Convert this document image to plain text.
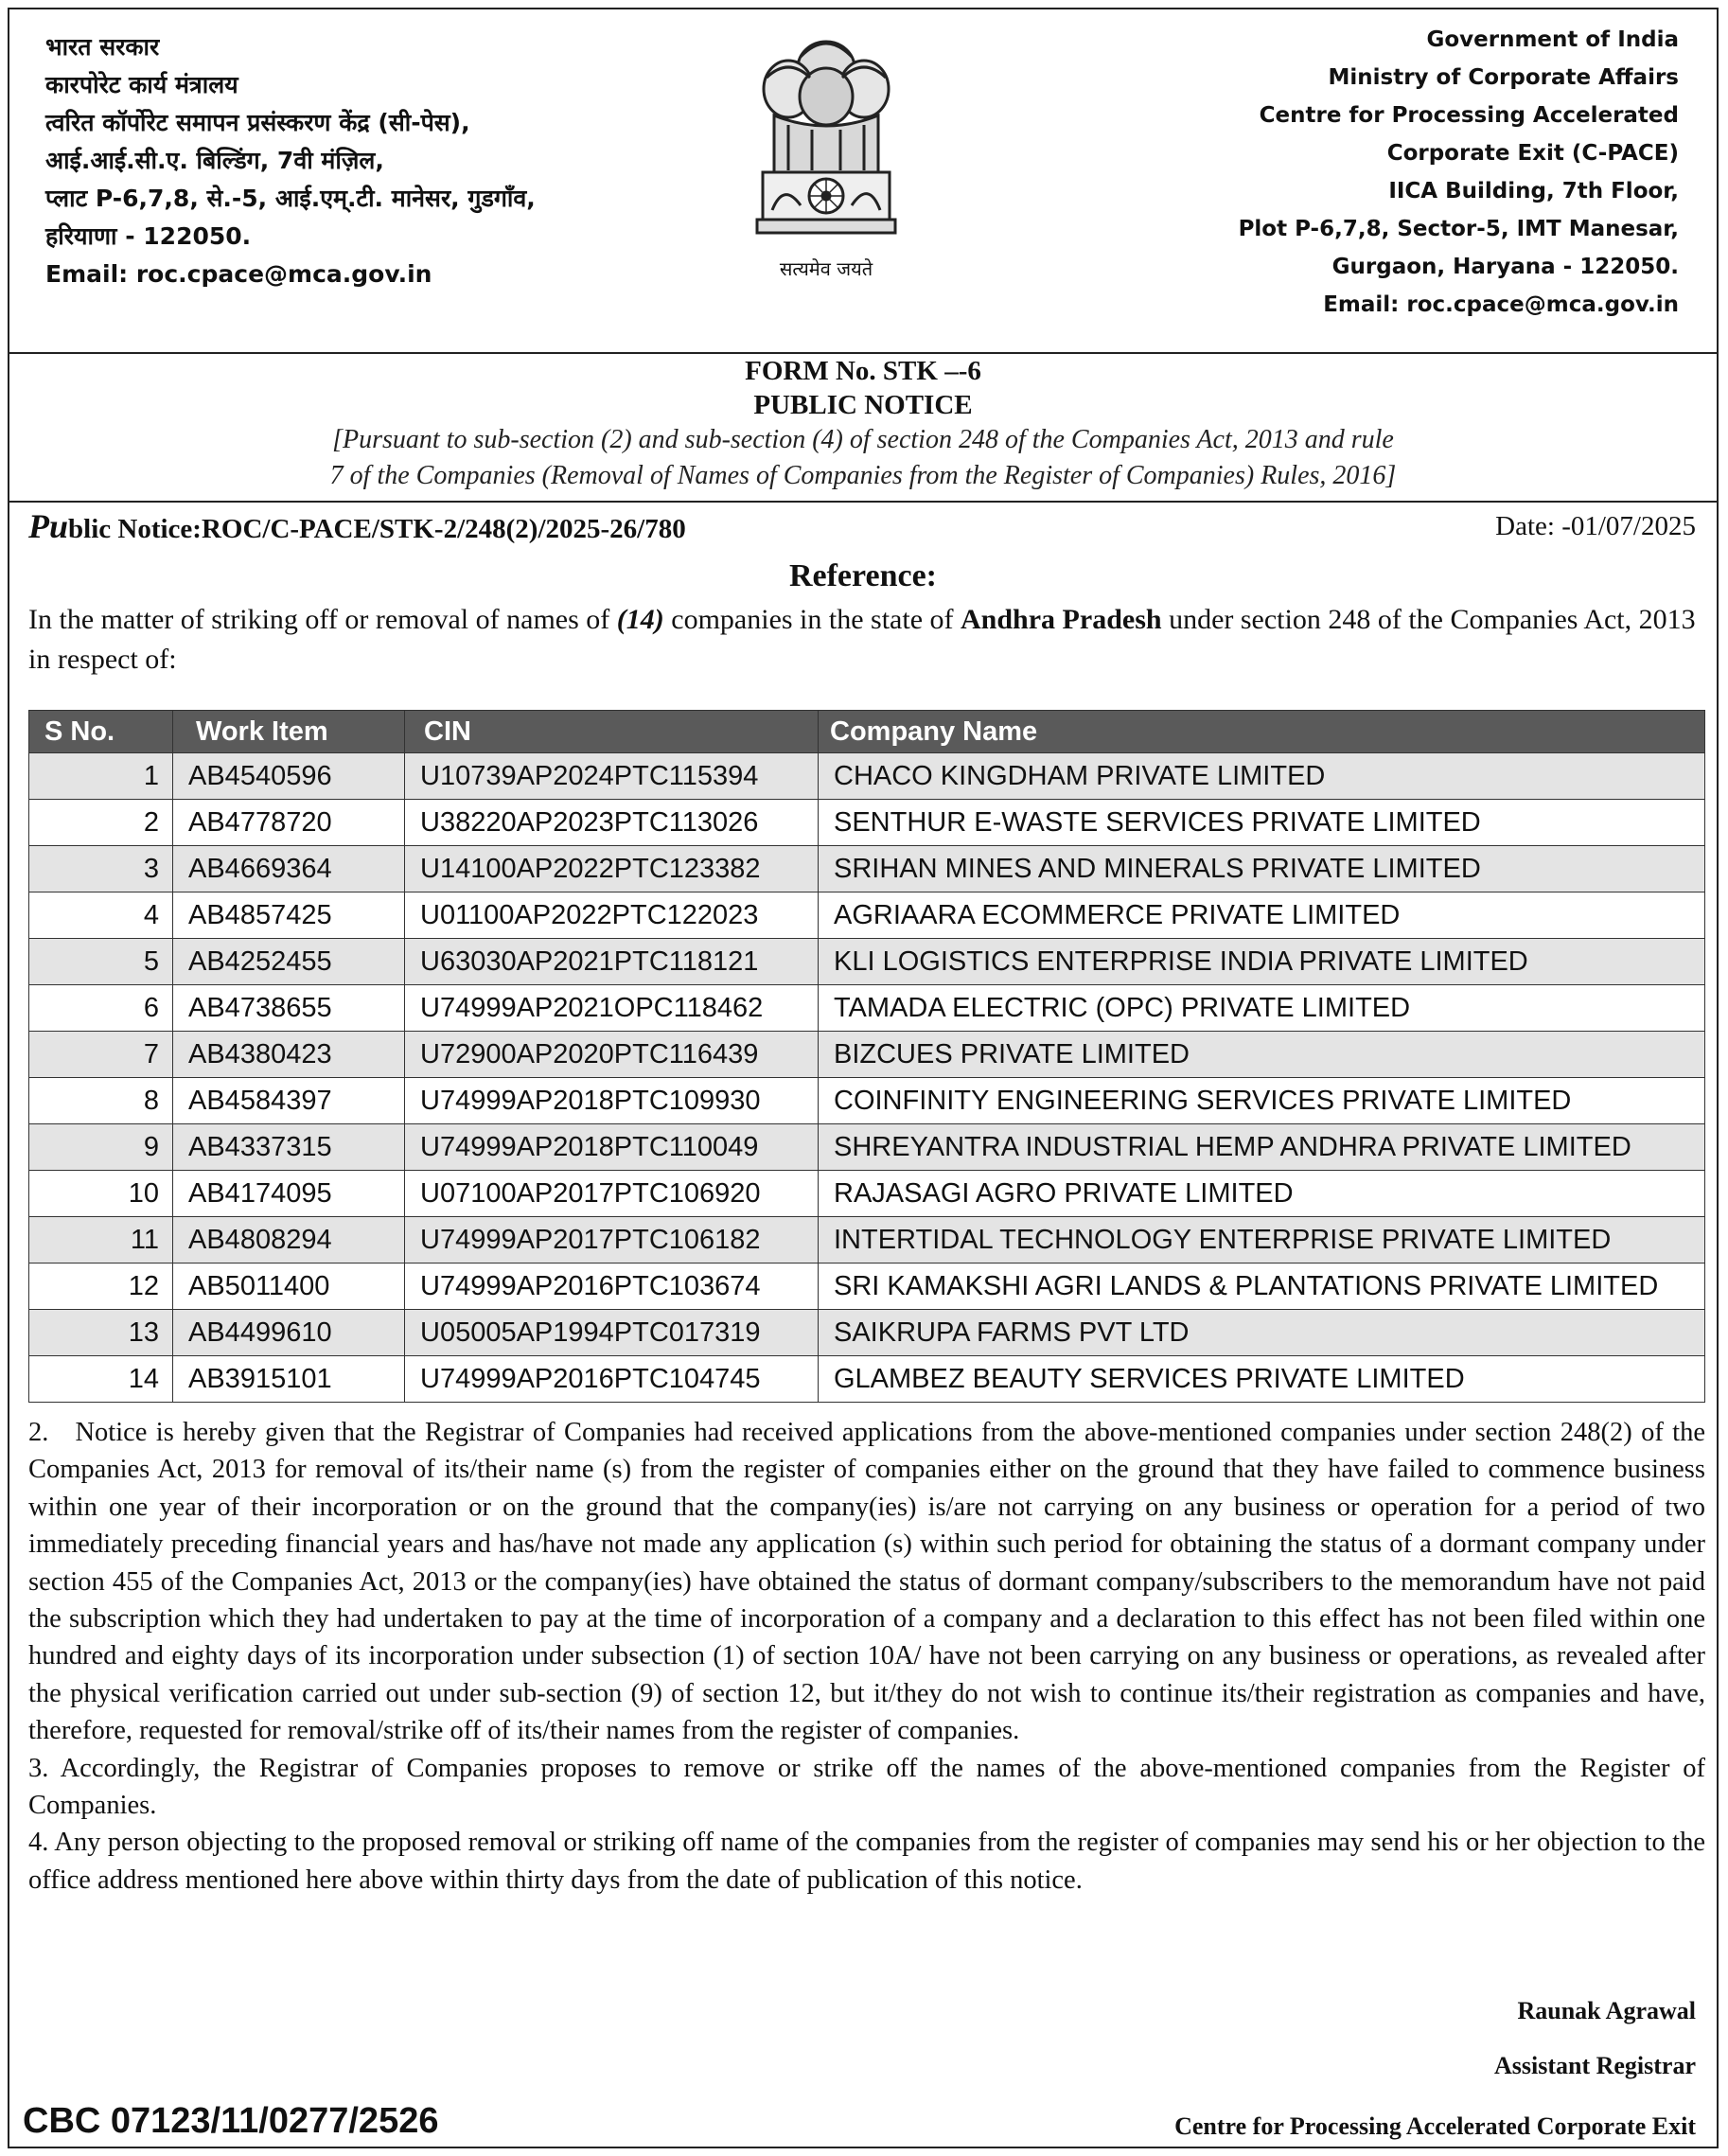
भारत सरकार
कारपोरेट कार्य मंत्रालय
त्वरित कॉर्पोरेट समापन प्रसंस्करण केंद्र (सी-पेस),
आई.आई.सी.ए. बिल्डिंग, 7वी मंज़िल,
प्लाट P-6,7,8, से.-5, आई.एम्.टी. मानेसर, गुडगाँव,
हरियाणा - 122050.
Email: roc.cpace@mca.gov.in	सत्यमेव जयते
Government of India
Ministry of Corporate Affairs
Centre for Processing Accelerated
Corporate Exit (C-PACE)
IICA Building, 7th Floor,
Plot P-6,7,8, Sector-5, IMT Manesar,
Gurgaon, Haryana - 122050.
Email: roc.cpace@mca.gov.in
FORM No. STK –-6
PUBLIC NOTICE
[Pursuant to sub-section (2) and sub-section (4) of section 248 of the Companies Act, 2013 and rule
7 of the Companies (Removal of Names of Companies from the Register of Companies) Rules, 2016]
Public Notice:ROC/C-PACE/STK-2/248(2)/2025-26/780	Date: -01/07/2025
Reference:
In the matter of striking off or removal of names of (14) companies in the state of Andhra Pradesh under section 248 of the Companies Act, 2013 in respect of:
S No.	Work Item	CIN	Company Name
1	AB4540596	U10739AP2024PTC115394	CHACO KINGDHAM PRIVATE LIMITED
2	AB4778720	U38220AP2023PTC113026	SENTHUR E-WASTE SERVICES PRIVATE LIMITED
3	AB4669364	U14100AP2022PTC123382	SRIHAN MINES AND MINERALS PRIVATE LIMITED
4	AB4857425	U01100AP2022PTC122023	AGRIAARA ECOMMERCE PRIVATE LIMITED
5	AB4252455	U63030AP2021PTC118121	KLI LOGISTICS ENTERPRISE INDIA PRIVATE LIMITED
6	AB4738655	U74999AP2021OPC118462	TAMADA ELECTRIC (OPC) PRIVATE LIMITED
7	AB4380423	U72900AP2020PTC116439	BIZCUES PRIVATE LIMITED
8	AB4584397	U74999AP2018PTC109930	COINFINITY ENGINEERING SERVICES PRIVATE LIMITED
9	AB4337315	U74999AP2018PTC110049	SHREYANTRA INDUSTRIAL HEMP ANDHRA PRIVATE LIMITED
10	AB4174095	U07100AP2017PTC106920	RAJASAGI AGRO PRIVATE LIMITED
11	AB4808294	U74999AP2017PTC106182	INTERTIDAL TECHNOLOGY ENTERPRISE PRIVATE LIMITED
12	AB5011400	U74999AP2016PTC103674	SRI KAMAKSHI AGRI LANDS & PLANTATIONS PRIVATE LIMITED
13	AB4499610	U05005AP1994PTC017319	SAIKRUPA FARMS PVT LTD
14	AB3915101	U74999AP2016PTC104745	GLAMBEZ BEAUTY SERVICES PRIVATE LIMITED

2.   Notice is hereby given that the Registrar of Companies had received applications from the above-mentioned companies under section 248(2) of the Companies Act, 2013 for removal of its/their name (s) from the register of companies either on the ground that they have failed to commence business within one year of their incorporation or on the ground that the company(ies) is/are not carrying on any business or operation for a period of two immediately preceding financial years and has/have not made any application (s) within such period for obtaining the status of a dormant company under section 455 of the Companies Act, 2013 or the company(ies) have obtained the status of dormant company/subscribers to the memorandum have not paid the subscription which they had undertaken to pay at the time of incorporation of a company and a declaration to this effect has not been filed within one hundred and eighty days of its incorporation under subsection (1) of section 10A/ have not been carrying on any business or operations, as revealed after the physical verification carried out under sub-section (9) of section 12, but it/they do not wish to continue its/their registration as companies and have, therefore, requested for removal/strike off of its/their names from the register of companies.

3. Accordingly, the Registrar of Companies proposes to remove or strike off the names of the above-mentioned companies from the Register of Companies.

4. Any person objecting to the proposed removal or striking off name of the companies from the register of companies may send his or her objection to the office address mentioned here above within thirty days from the date of publication of this notice.

Raunak Agrawal
Assistant Registrar
Centre for Processing Accelerated Corporate Exit
CBC 07123/11/0277/2526
